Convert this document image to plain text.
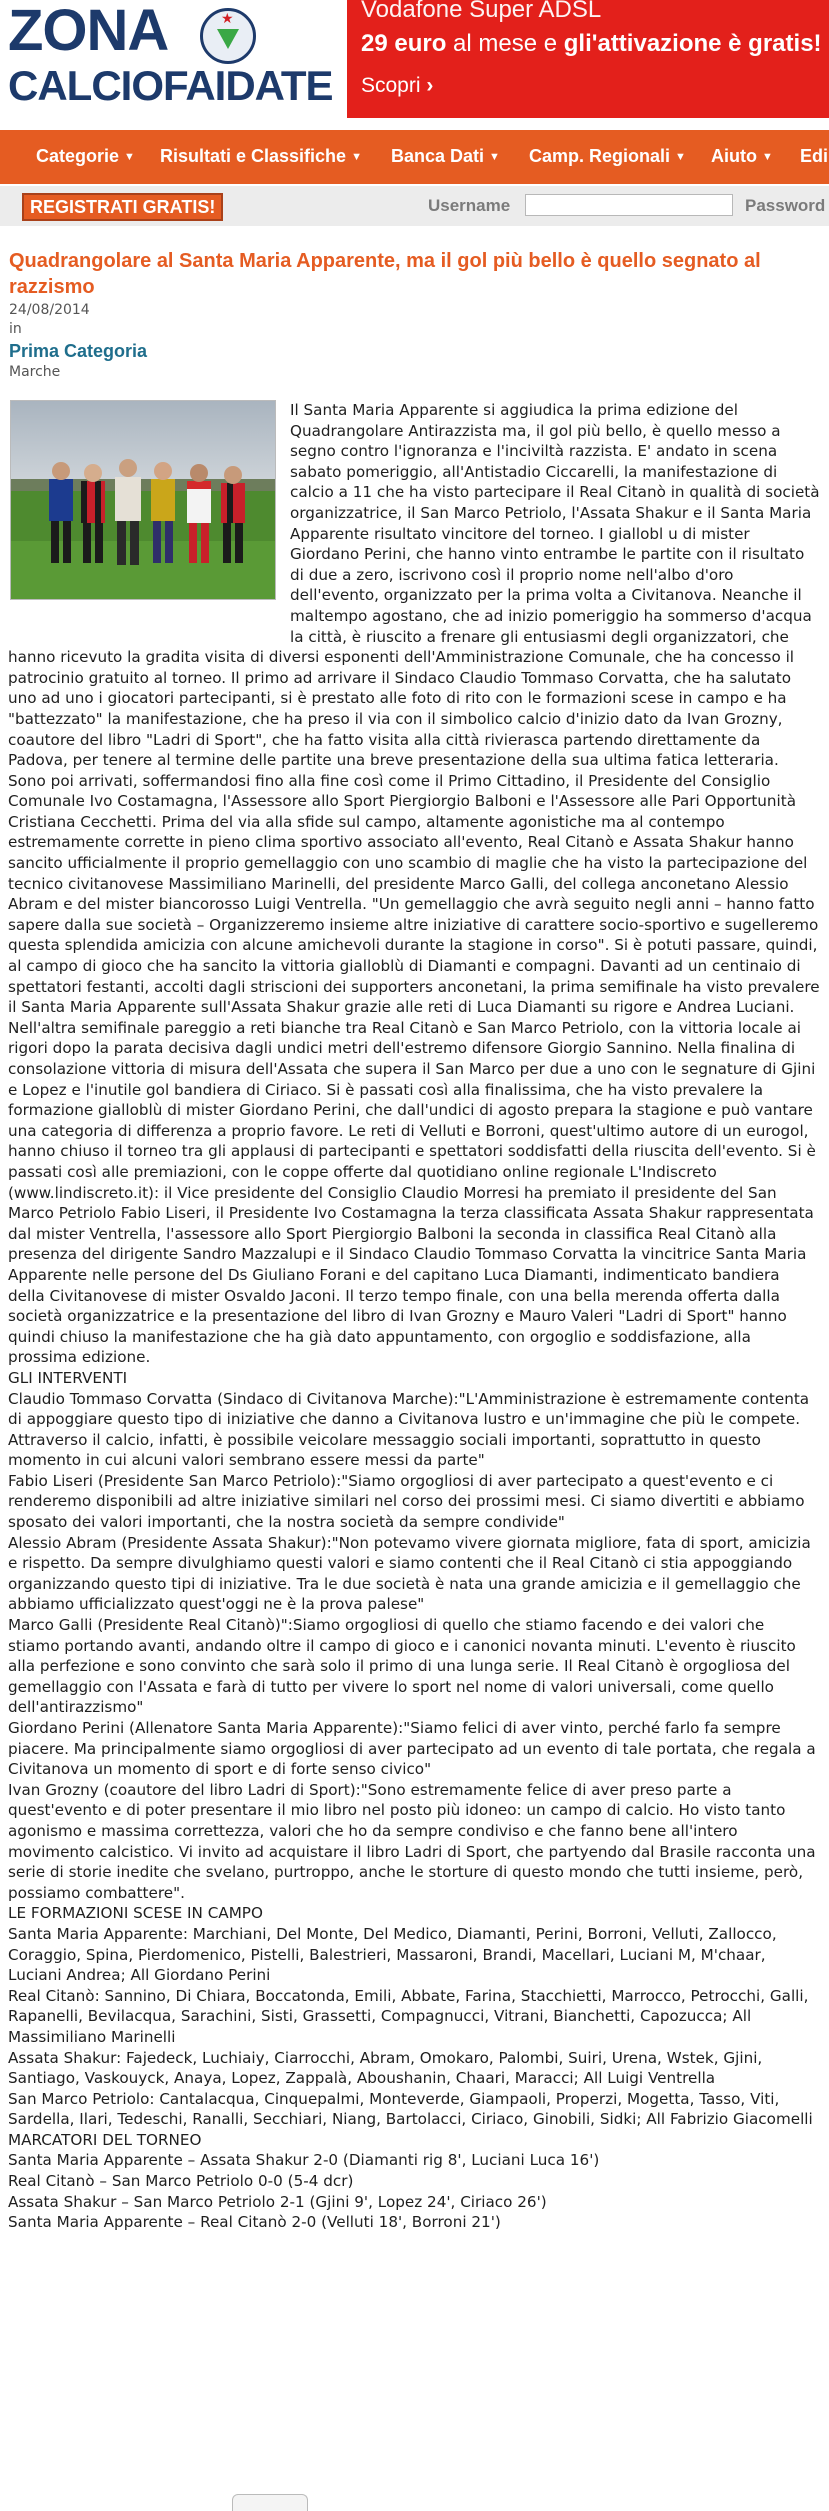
ZONA	★
CALCIOFAIDATE
Vodafone Super ADSL
29 euro al mese e gli'attivazione è gratis!
Scopri ›
Categorie ▼ Risultati e Classifiche ▼ Banca Dati ▼ Camp. Regionali ▼ Aiuto ▼ Edi
REGISTRATI GRATIS!	Username	Password
Quadrangolare al Santa Maria Apparente, ma il gol più bello è quello segnato al razzismo
24/08/2014
in
Prima Categoria
Marche

Il Santa Maria Apparente si aggiudica la prima edizione del Quadrangolare Antirazzista ma, il gol più bello, è quello messo a segno contro l'ignoranza e l'inciviltà razzista. E' andato in scena sabato pomeriggio, all'Antistadio Ciccarelli, la manifestazione di calcio a 11 che ha visto partecipare il Real Citanò in qualità di società organizzatrice, il San Marco Petriolo, l'Assata Shakur e il Santa Maria Apparente risultato vincitore del torneo. I giallobl u di mister Giordano Perini, che hanno vinto entrambe le partite con il risultato di due a zero, iscrivono così il proprio nome nell'albo d'oro dell'evento, organizzato per la prima volta a Civitanova. Neanche il maltempo agostano, che ad inizio pomeriggio ha sommerso d'acqua la città, è riuscito a frenare gli entusiasmi degli organizzatori, che hanno ricevuto la gradita visita di diversi esponenti dell'Amministrazione Comunale, che ha concesso il patrocinio gratuito al torneo. Il primo ad arrivare il Sindaco Claudio Tommaso Corvatta, che ha salutato uno ad uno i giocatori partecipanti, si è prestato alle foto di rito con le formazioni scese in campo e ha "battezzato" la manifestazione, che ha preso il via con il simbolico calcio d'inizio dato da Ivan Grozny, coautore del libro "Ladri di Sport", che ha fatto visita alla città rivierasca partendo direttamente da Padova, per tenere al termine delle partite una breve presentazione della sua ultima fatica letteraria. Sono poi arrivati, soffermandosi fino alla fine così come il Primo Cittadino, il Presidente del Consiglio Comunale Ivo Costamagna, l'Assessore allo Sport Piergiorgio Balboni e l'Assessore alle Pari Opportunità Cristiana Cecchetti. Prima del via alla sfide sul campo, altamente agonistiche ma al contempo estremamente corrette in pieno clima sportivo associato all'evento, Real Citanò e Assata Shakur hanno sancito ufficialmente il proprio gemellaggio con uno scambio di maglie che ha visto la partecipazione del tecnico civitanovese Massimiliano Marinelli, del presidente Marco Galli, del collega anconetano Alessio Abram e del mister biancorosso Luigi Ventrella. "Un gemellaggio che avrà seguito negli anni – hanno fatto sapere dalla sue società – Organizzeremo insieme altre iniziative di carattere socio-sportivo e sugelleremo questa splendida amicizia con alcune amichevoli durante la stagione in corso". Si è potuti passare, quindi, al campo di gioco che ha sancito la vittoria gialloblù di Diamanti e compagni. Davanti ad un centinaio di spettatori festanti, accolti dagli striscioni dei supporters anconetani, la prima semifinale ha visto prevalere il Santa Maria Apparente sull'Assata Shakur grazie alle reti di Luca Diamanti su rigore e Andrea Luciani. Nell'altra semifinale pareggio a reti bianche tra Real Citanò e San Marco Petriolo, con la vittoria locale ai rigori dopo la parata decisiva dagli undici metri dell'estremo difensore Giorgio Sannino. Nella finalina di consolazione vittoria di misura dell'Assata che supera il San Marco per due a uno con le segnature di Gjini e Lopez e l'inutile gol bandiera di Ciriaco. Si è passati così alla finalissima, che ha visto prevalere la formazione gialloblù di mister Giordano Perini, che dall'undici di agosto prepara la stagione e può vantare una categoria di differenza a proprio favore. Le reti di Velluti e Borroni, quest'ultimo autore di un eurogol, hanno chiuso il torneo tra gli applausi di partecipanti e spettatori soddisfatti della riuscita dell'evento. Si è passati così alle premiazioni, con le coppe offerte dal quotidiano online regionale L'Indiscreto (www.lindiscreto.it): il Vice presidente del Consiglio Claudio Morresi ha premiato il presidente del San Marco Petriolo Fabio Liseri, il Presidente Ivo Costamagna la terza classificata Assata Shakur rappresentata dal mister Ventrella, l'assessore allo Sport Piergiorgio Balboni la seconda in classifica Real Citanò alla presenza del dirigente Sandro Mazzalupi e il Sindaco Claudio Tommaso Corvatta la vincitrice Santa Maria Apparente nelle persone del Ds Giuliano Forani e del capitano Luca Diamanti, indimenticato bandiera della Civitanovese di mister Osvaldo Jaconi. Il terzo tempo finale, con una bella merenda offerta dalla società organizzatrice e la presentazione del libro di Ivan Grozny e Mauro Valeri "Ladri di Sport" hanno quindi chiuso la manifestazione che ha già dato appuntamento, con orgoglio e soddisfazione, alla prossima edizione.

GLI INTERVENTI

Claudio Tommaso Corvatta (Sindaco di Civitanova Marche):"L'Amministrazione è estremamente contenta di appoggiare questo tipo di iniziative che danno a Civitanova lustro e un'immagine che più le compete. Attraverso il calcio, infatti, è possibile veicolare messaggio sociali importanti, soprattutto in questo momento in cui alcuni valori sembrano essere messi da parte"

Fabio Liseri (Presidente San Marco Petriolo):"Siamo orgogliosi di aver partecipato a quest'evento e ci renderemo disponibili ad altre iniziative similari nel corso dei prossimi mesi. Ci siamo divertiti e abbiamo sposato dei valori importanti, che la nostra società da sempre condivide"

Alessio Abram (Presidente Assata Shakur):"Non potevamo vivere giornata migliore, fata di sport, amicizia e rispetto. Da sempre divulghiamo questi valori e siamo contenti che il Real Citanò ci stia appoggiando organizzando questo tipi di iniziative. Tra le due società è nata una grande amicizia e il gemellaggio che abbiamo ufficializzato quest'oggi ne è la prova palese"

Marco Galli (Presidente Real Citanò)":Siamo orgogliosi di quello che stiamo facendo e dei valori che stiamo portando avanti, andando oltre il campo di gioco e i canonici novanta minuti. L'evento è riuscito alla perfezione e sono convinto che sarà solo il primo di una lunga serie. Il Real Citanò è orgogliosa del gemellaggio con l'Assata e farà di tutto per vivere lo sport nel nome di valori universali, come quello dell'antirazzismo"

Giordano Perini (Allenatore Santa Maria Apparente):"Siamo felici di aver vinto, perché farlo fa sempre piacere. Ma principalmente siamo orgogliosi di aver partecipato ad un evento di tale portata, che regala a Civitanova un momento di sport e di forte senso civico"

Ivan Grozny (coautore del libro Ladri di Sport):"Sono estremamente felice di aver preso parte a quest'evento e di poter presentare il mio libro nel posto più idoneo: un campo di calcio. Ho visto tanto agonismo e massima correttezza, valori che ho da sempre condiviso e che fanno bene all'intero movimento calcistico. Vi invito ad acquistare il libro Ladri di Sport, che partyendo dal Brasile racconta una serie di storie inedite che svelano, purtroppo, anche le storture di questo mondo che tutti insieme, però, possiamo combattere".

LE FORMAZIONI SCESE IN CAMPO

Santa Maria Apparente: Marchiani, Del Monte, Del Medico, Diamanti, Perini, Borroni, Velluti, Zallocco, Coraggio, Spina, Pierdomenico, Pistelli, Balestrieri, Massaroni, Brandi, Macellari, Luciani M, M'chaar, Luciani Andrea; All Giordano Perini

Real Citanò: Sannino, Di Chiara, Boccatonda, Emili, Abbate, Farina, Stacchietti, Marrocco, Petrocchi, Galli, Rapanelli, Bevilacqua, Sarachini, Sisti, Grassetti, Compagnucci, Vitrani, Bianchetti, Capozucca; All Massimiliano Marinelli

Assata Shakur: Fajedeck, Luchiaiy, Ciarrocchi, Abram, Omokaro, Palombi, Suiri, Urena, Wstek, Gjini, Santiago, Vaskouyck, Anaya, Lopez, Zappalà, Aboushanin, Chaari, Maracci; All Luigi Ventrella

San Marco Petriolo: Cantalacqua, Cinquepalmi, Monteverde, Giampaoli, Properzi, Mogetta, Tasso, Viti, Sardella, Ilari, Tedeschi, Ranalli, Secchiari, Niang, Bartolacci, Ciriaco, Ginobili, Sidki; All Fabrizio Giacomelli

MARCATORI DEL TORNEO

Santa Maria Apparente – Assata Shakur 2-0 (Diamanti rig 8', Luciani Luca 16')

Real Citanò – San Marco Petriolo 0-0 (5-4 dcr)

Assata Shakur – San Marco Petriolo 2-1 (Gjini 9', Lopez 24', Ciriaco 26')

Santa Maria Apparente – Real Citanò 2-0 (Velluti 18', Borroni 21')
